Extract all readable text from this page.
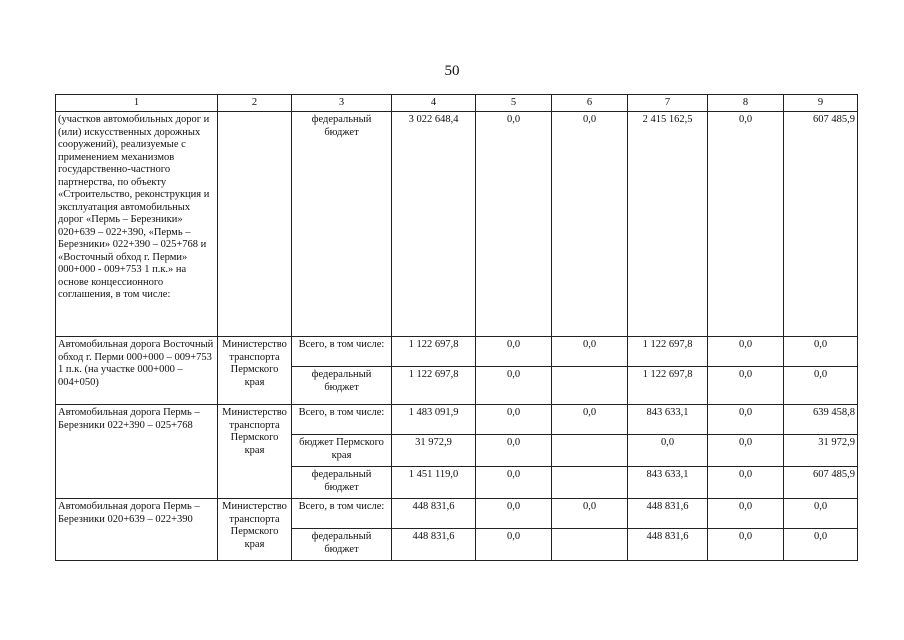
50
1	2	3	4	5	6	7	8	9
(участков автомобильных дорог и (или) искусственных дорожных сооружений), реализуемые с применением механизмов государственно-частного партнерства, по объекту «Строительство, реконструкция и эксплуатация автомобильных дорог «Пермь – Березники» 020+639 – 022+390, «Пермь – Березники» 022+390 – 025+768 и «Восточный обход г. Перми» 000+000 - 009+753 1 п.к.» на основе концессионного соглашения, в том числе:		федеральный бюджет	3 022 648,4	0,0	0,0	2 415 162,5	0,0	607 485,9
Автомобильная дорога Восточный обход г. Перми 000+000 – 009+753 1 п.к. (на участке 000+000 – 004+050)	Министерство транспорта Пермского края	Всего, в том числе:	1 122 697,8	0,0	0,0	1 122 697,8	0,0	0,0
		федеральный бюджет	1 122 697,8	0,0		1 122 697,8	0,0	0,0
Автомобильная дорога Пермь – Березники 022+390 – 025+768	Министерство транспорта Пермского края	Всего, в том числе:	1 483 091,9	0,0	0,0	843 633,1	0,0	639 458,8
		бюджет Пермского края	31 972,9	0,0		0,0	0,0	31 972,9
		федеральный бюджет	1 451 119,0	0,0		843 633,1	0,0	607 485,9
Автомобильная дорога Пермь – Березники 020+639 – 022+390	Министерство транспорта Пермского края	Всего, в том числе:	448 831,6	0,0	0,0	448 831,6	0,0	0,0
		федеральный бюджет	448 831,6	0,0		448 831,6	0,0	0,0
